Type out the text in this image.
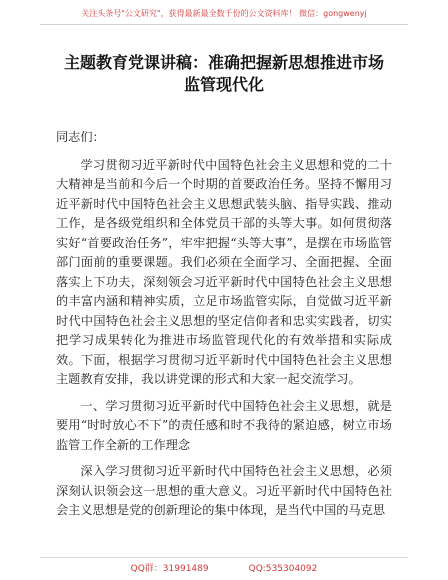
关注头条号"公文研究"，获得最新最全数千份的公文资料库！ 微信：gongwenyj
主题教育党课讲稿：准确把握新思想推进市场
监管现代化

同志们：

学习贯彻习近平新时代中国特色社会主义思想和党的二十大精神是当前和今后一个时期的首要政治任务。坚持不懈用习近平新时代中国特色社会主义思想武装头脑、指导实践、推动工作，是各级党组织和全体党员干部的头等大事。如何贯彻落实好“首要政治任务”，牢牢把握“头等大事”，是摆在市场监管部门面前的重要课题。我们必须在全面学习、全面把握、全面落实上下功夫，深刻领会习近平新时代中国特色社会主义思想的丰富内涵和精神实质，立足市场监管实际，自觉做习近平新时代中国特色社会主义思想的坚定信仰者和忠实实践者，切实把学习成果转化为推进市场监管现代化的有效举措和实际成效。下面，根据学习贯彻习近平新时代中国特色社会主义思想主题教育安排，我以讲党课的形式和大家一起交流学习。

一、学习贯彻习近平新时代中国特色社会主义思想，就是要用“时时放心不下”的责任感和时不我待的紧迫感，树立市场监管工作全新的工作理念

深入学习贯彻习近平新时代中国特色社会主义思想，必须深刻认识领会这一思想的重大意义。习近平新时代中国特色社会主义思想是党的创新理论的集中体现，是当代中国的马克思

QQ群：31991489	QQ:535304092
